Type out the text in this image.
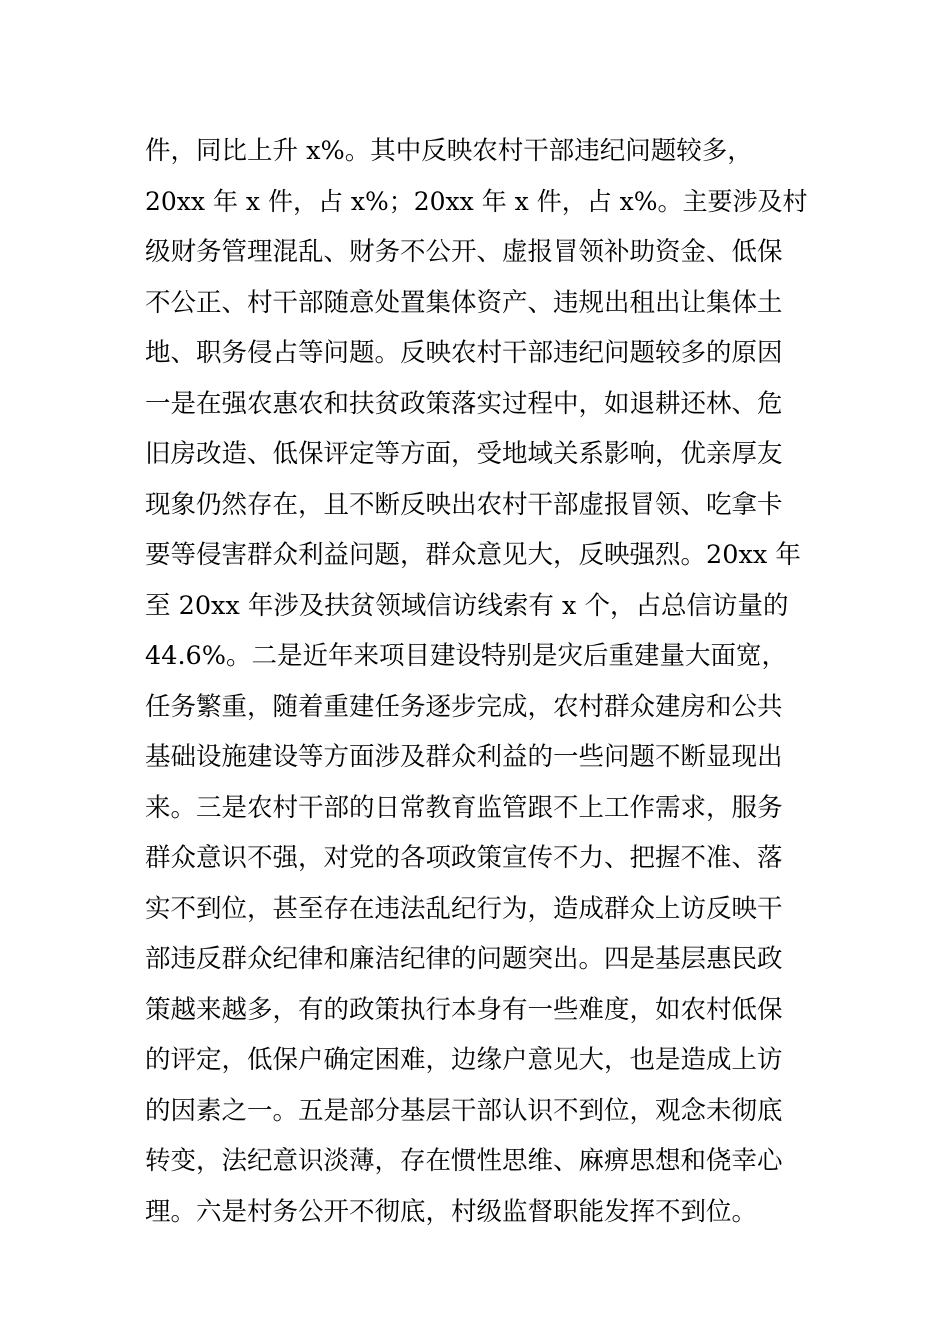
件，同比上升 x%。其中反映农村干部违纪问题较多，
20xx 年 x 件，占 x%；20xx 年 x 件，占 x%。主要涉及村
级财务管理混乱、财务不公开、虚报冒领补助资金、低保
不公正、村干部随意处置集体资产、违规出租出让集体土
地、职务侵占等问题。反映农村干部违纪问题较多的原因
一是在强农惠农和扶贫政策落实过程中，如退耕还林、危
旧房改造、低保评定等方面，受地域关系影响，优亲厚友
现象仍然存在，且不断反映出农村干部虚报冒领、吃拿卡
要等侵害群众利益问题，群众意见大，反映强烈。20xx 年
至 20xx 年涉及扶贫领域信访线索有 x 个，占总信访量的
44.6%。二是近年来项目建设特别是灾后重建量大面宽，
任务繁重，随着重建任务逐步完成，农村群众建房和公共
基础设施建设等方面涉及群众利益的一些问题不断显现出
来。三是农村干部的日常教育监管跟不上工作需求，服务
群众意识不强，对党的各项政策宣传不力、把握不准、落
实不到位，甚至存在违法乱纪行为，造成群众上访反映干
部违反群众纪律和廉洁纪律的问题突出。四是基层惠民政
策越来越多，有的政策执行本身有一些难度，如农村低保
的评定，低保户确定困难，边缘户意见大，也是造成上访
的因素之一。五是部分基层干部认识不到位，观念未彻底
转变，法纪意识淡薄，存在惯性思维、麻痹思想和侥幸心
理。六是村务公开不彻底，村级监督职能发挥不到位。
